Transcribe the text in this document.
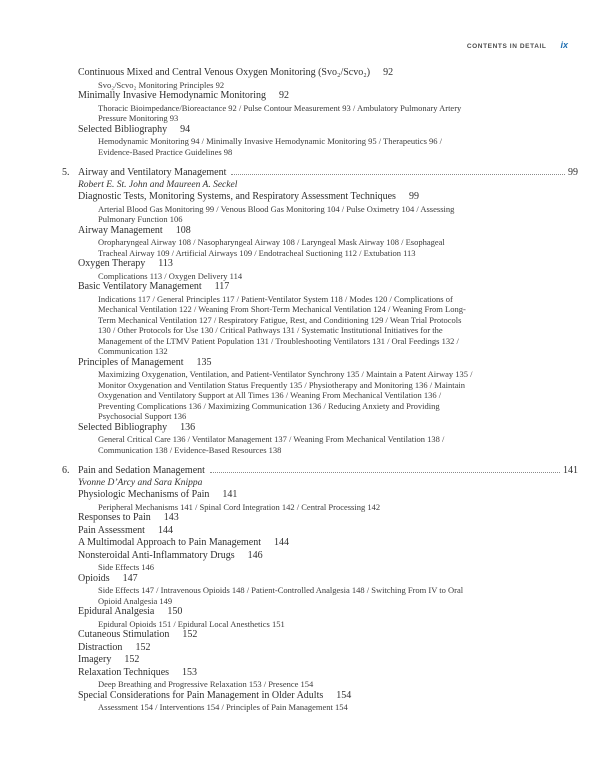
CONTENTS IN DETAIL ix
Continuous Mixed and Central Venous Oxygen Monitoring (Svo₂/Scvo₂) 92
Svo₂/Scvo₂ Monitoring Principles 92
Minimally Invasive Hemodynamic Monitoring 92
Thoracic Bioimpedance/Bioreactance 92 / Pulse Contour Measurement 93 / Ambulatory Pulmonary Artery Pressure Monitoring 93
Selected Bibliography 94
Hemodynamic Monitoring 94 / Minimally Invasive Hemodynamic Monitoring 95 / Therapeutics 96 / Evidence-Based Practice Guidelines 98
5. Airway and Ventilatory Management	99
Robert E. St. John and Maureen A. Seckel
Diagnostic Tests, Monitoring Systems, and Respiratory Assessment Techniques 99
Arterial Blood Gas Monitoring 99 / Venous Blood Gas Monitoring 104 / Pulse Oximetry 104 / Assessing Pulmonary Function 106
Airway Management 108
Oropharyngeal Airway 108 / Nasopharyngeal Airway 108 / Laryngeal Mask Airway 108 / Esophageal Tracheal Airway 109 / Artificial Airways 109 / Endotracheal Suctioning 112 / Extubation 113
Oxygen Therapy 113
Complications 113 / Oxygen Delivery 114
Basic Ventilatory Management 117
Indications 117 / General Principles 117 / Patient-Ventilator System 118 / Modes 120 / Complications of Mechanical Ventilation 122 / Weaning From Short-Term Mechanical Ventilation 124 / Weaning From Long-Term Mechanical Ventilation 127 / Respiratory Fatigue, Rest, and Conditioning 129 / Wean Trial Protocols 130 / Other Protocols for Use 130 / Critical Pathways 131 / Systematic Institutional Initiatives for the Management of the LTMV Patient Population 131 / Troubleshooting Ventilators 131 / Oral Feedings 132 / Communication 132
Principles of Management 135
Maximizing Oxygenation, Ventilation, and Patient-Ventilator Synchrony 135 / Maintain a Patent Airway 135 / Monitor Oxygenation and Ventilation Status Frequently 135 / Physiotherapy and Monitoring 136 / Maintain Oxygenation and Ventilatory Support at All Times 136 / Weaning From Mechanical Ventilation 136 / Preventing Complications 136 / Maximizing Communication 136 / Reducing Anxiety and Providing Psychosocial Support 136
Selected Bibliography 136
General Critical Care 136 / Ventilator Management 137 / Weaning From Mechanical Ventilation 138 / Communication 138 / Evidence-Based Resources 138
6. Pain and Sedation Management	141
Yvonne D’Arcy and Sara Knippa
Physiologic Mechanisms of Pain 141
Peripheral Mechanisms 141 / Spinal Cord Integration 142 / Central Processing 142
Responses to Pain 143
Pain Assessment 144
A Multimodal Approach to Pain Management 144
Nonsteroidal Anti-Inflammatory Drugs 146
Side Effects 146
Opioids 147
Side Effects 147 / Intravenous Opioids 148 / Patient-Controlled Analgesia 148 / Switching From IV to Oral Opioid Analgesia 149
Epidural Analgesia 150
Epidural Opioids 151 / Epidural Local Anesthetics 151
Cutaneous Stimulation 152
Distraction 152
Imagery 152
Relaxation Techniques 153
Deep Breathing and Progressive Relaxation 153 / Presence 154
Special Considerations for Pain Management in Older Adults 154
Assessment 154 / Interventions 154 / Principles of Pain Management 154
